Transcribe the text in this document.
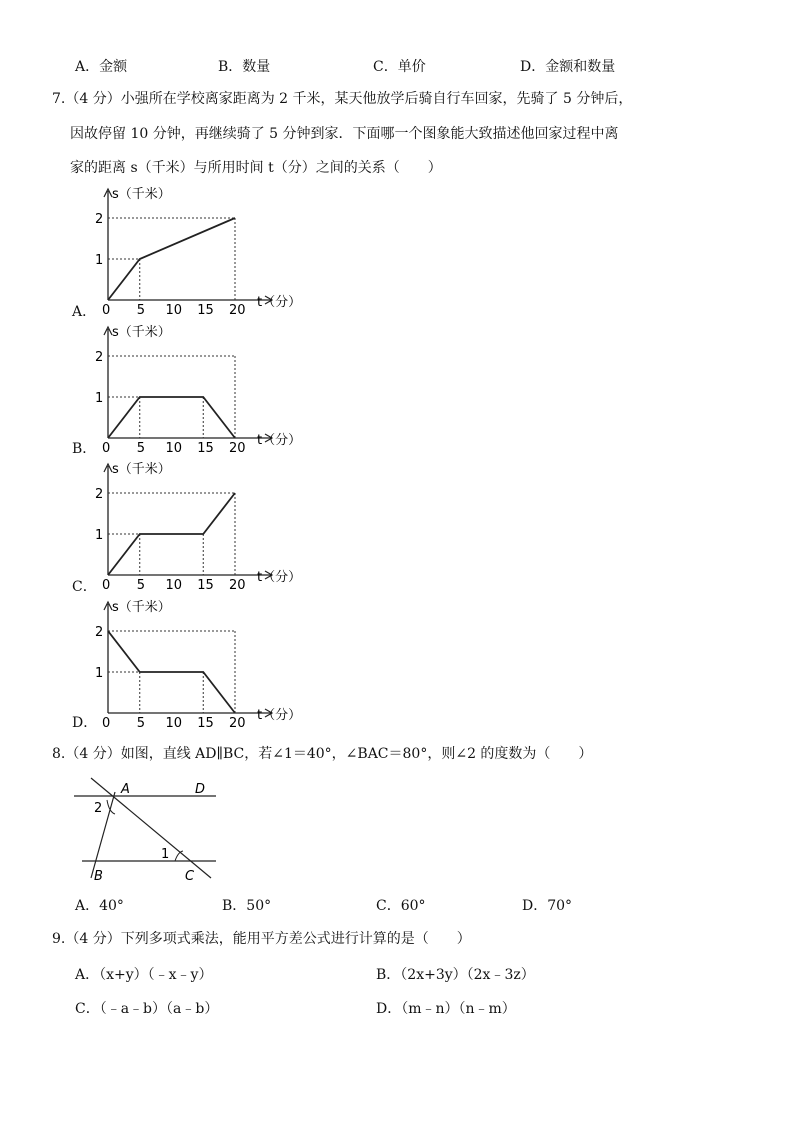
A．金额	B．数量	C．单价	D．金额和数量
7.（4 分）小强所在学校离家距离为 2 千米，某天他放学后骑自行车回家，先骑了 5 分钟后，
因故停留 10 分钟，再继续骑了 5 分钟到家．下面哪一个图象能大致描述他回家过程中离
家的距离 s（千米）与所用时间 t（分）之间的关系（　　）
A．
B．
C．
D．
0 5 10 15 20
1
2
s（千米）
t（分）
0 5 10 15 20
1
2
s（千米）
t（分）
0 5 10 15 20
1
2
s（千米）
t（分）
0 5 10 15 20
1
2
s（千米）
t（分）
8.（4 分）如图，直线 AD∥BC，若∠1＝40°，∠BAC＝80°，则∠2 的度数为（　　）
A	D
B	C
1
2
A．40°	B．50°	C．60°	D．70°
9.（4 分）下列多项式乘法，能用平方差公式进行计算的是（　　）
A．（x+y）（﹣x﹣y）	B．（2x+3y）（2x﹣3z）
C．（﹣a﹣b）（a﹣b）	D．（m﹣n）（n﹣m）
